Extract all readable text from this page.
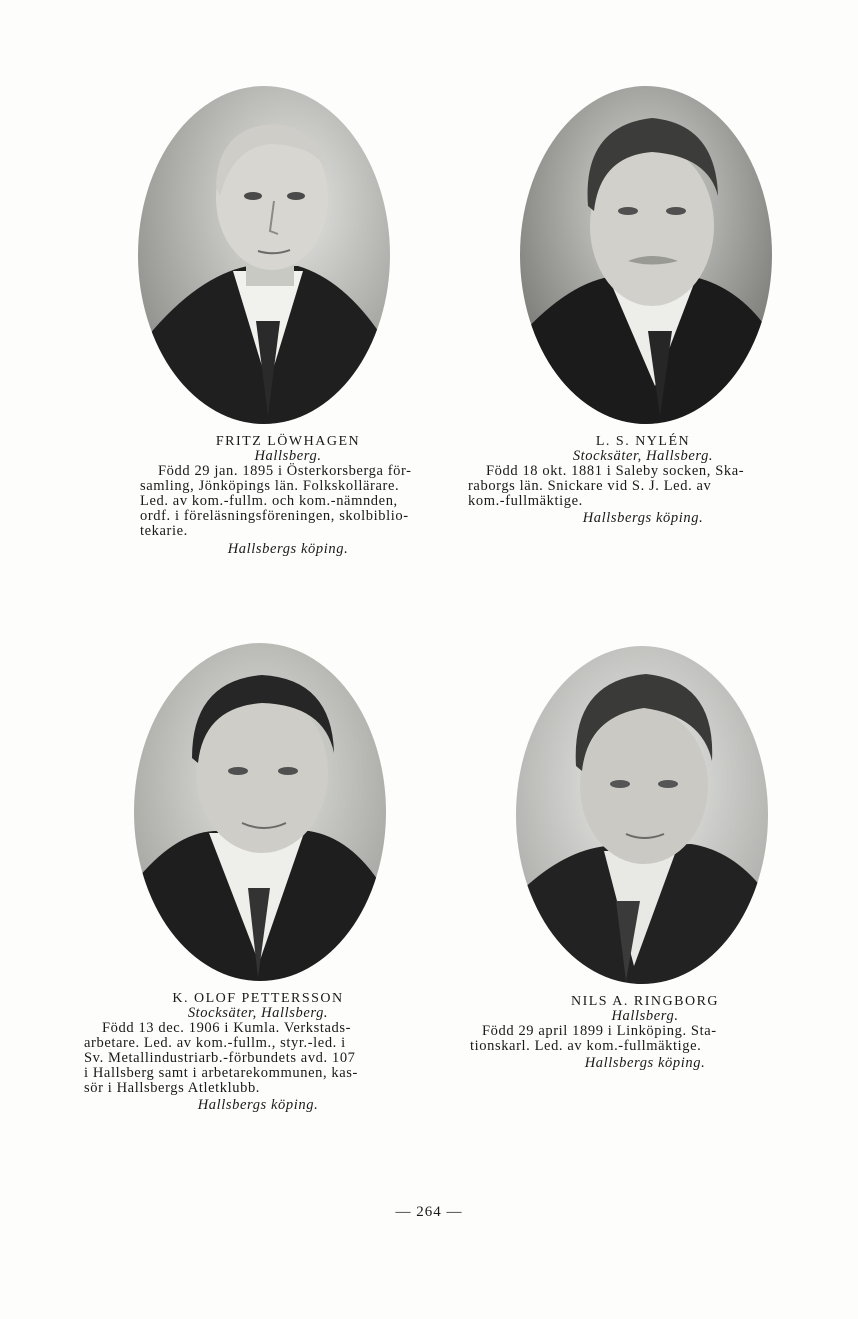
FRITZ LÖWHAGEN
Hallsberg.
Född 29 jan. 1895 i Österkorsberga för-
samling, Jönköpings län. Folkskollärare.
Led. av kom.-fullm. och kom.-nämnden,
ordf. i föreläsningsföreningen, skolbiblio-
tekarie.
Hallsbergs köping.
L. S. NYLÉN
Stocksäter, Hallsberg.
Född 18 okt. 1881 i Saleby socken, Ska-
raborgs län. Snickare vid S. J. Led. av
kom.-fullmäktige.
Hallsbergs köping.
K. OLOF PETTERSSON
Stocksäter, Hallsberg.
Född 13 dec. 1906 i Kumla. Verkstads-
arbetare. Led. av kom.-fullm., styr.-led. i
Sv. Metallindustriarb.-förbundets avd. 107
i Hallsberg samt i arbetarekommunen, kas-
sör i Hallsbergs Atletklubb.
Hallsbergs köping.
NILS A. RINGBORG
Hallsberg.
Född 29 april 1899 i Linköping. Sta-
tionskarl. Led. av kom.-fullmäktige.
Hallsbergs köping.
— 264 —
